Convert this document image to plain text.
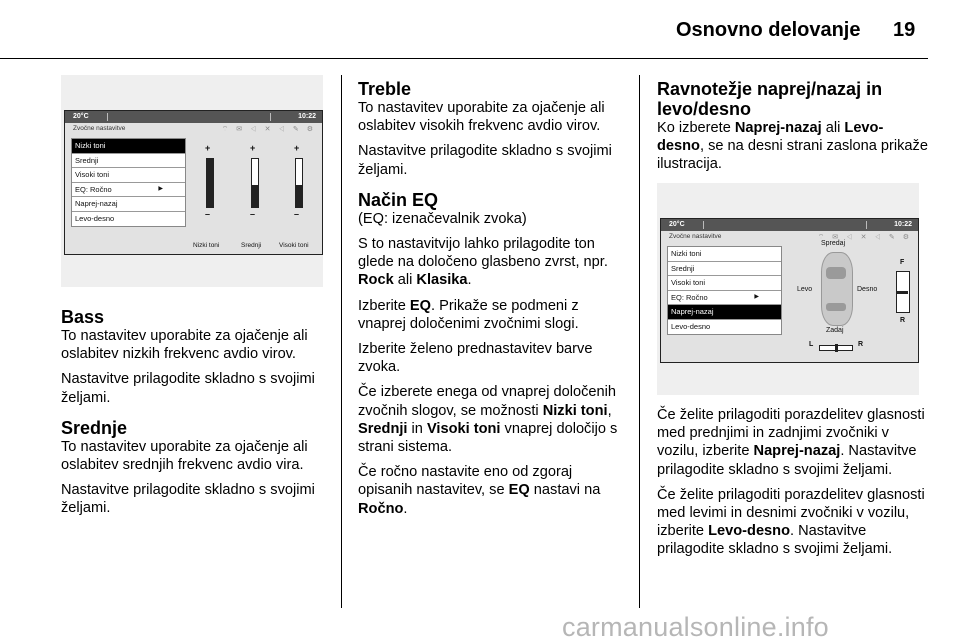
Osnovno delovanje 19
20°C	10:22
Zvočne nastavitve	⌔ ✉ ◁ ✕ ◁ ✎ ⚙
Nizki toni
Srednji
Visoki toni
EQ: Ročno	▶
Naprej-nazaj
Levo-desno
+
–
Nizki toni
+
–
Srednji
+
–
Visoki toni
Bass

To nastavitev uporabite za ojačenje ali oslabitev nizkih frekvenc avdio virov.

Nastavitve prilagodite skladno s svojimi željami.

Srednje

To nastavitev uporabite za ojačenje ali oslabitev srednjih frekvenc avdio vira.

Nastavitve prilagodite skladno s svojimi željami.

Treble

To nastavitev uporabite za ojačenje ali oslabitev visokih frekvenc avdio virov.

Nastavitve prilagodite skladno s svojimi željami.

Način EQ

(EQ: izenačevalnik zvoka)

S to nastavitvijo lahko prilagodite ton glede na določeno glasbeno zvrst, npr. Rock ali Klasika.

Izberite EQ. Prikaže se podmeni z vnaprej določenimi zvočnimi slogi.

Izberite želeno prednastavitev barve zvoka.

Če izberete enega od vnaprej določenih zvočnih slogov, se možnosti Nizki toni, Srednji in Visoki toni vnaprej določijo s strani sistema.

Če ročno nastavite eno od zgoraj opisanih nastavitev, se EQ nastavi na Ročno.

Ravnotežje naprej/nazaj in levo/desno

Ko izberete Naprej-nazaj ali Levo-desno, se na desni strani zaslona prikaže ilustracija.

20°C	10:22
Zvočne nastavitve	⌔ ✉ ◁ ✕ ◁ ✎ ⚙
Nizki toni
Srednji
Visoki toni
EQ: Ročno	▶
Naprej-nazaj
Levo-desno
Spredaj
Zadaj
Levo	Desno
F
R
L	R

Če želite prilagoditi porazdelitev glasnosti med prednjimi in zadnjimi zvočniki v vozilu, izberite Naprej-nazaj. Nastavitve prilagodite skladno s svojimi željami.

Če želite prilagoditi porazdelitev glasnosti med levimi in desnimi zvočniki v vozilu, izberite Levo-desno. Nastavitve prilagodite skladno s svojimi željami.

carmanualsonline.info
